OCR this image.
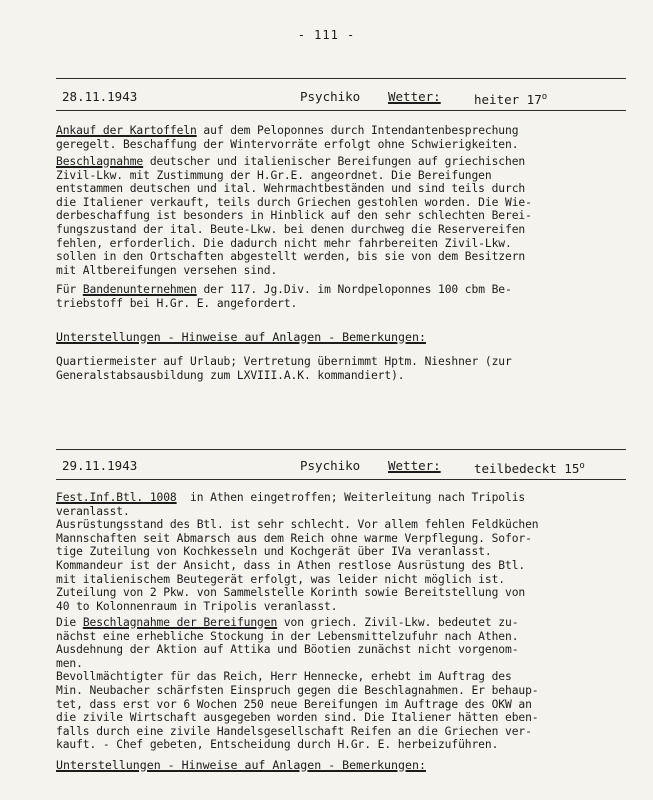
- 111 -
28.11.1943	Psychiko Wetter:	heiter 17$^o$
Ankauf der Kartoffeln auf dem Peloponnes durch Intendantenbesprechung
geregelt. Beschaffung der Wintervorräte erfolgt ohne Schwierigkeiten.
Beschlagnahme deutscher und italienischer Bereifungen auf griechischen
Zivil-Lkw. mit Zustimmung der H.Gr.E. angeordnet. Die Bereifungen
entstammen deutschen und ital. Wehrmachtbeständen und sind teils durch
die Italiener verkauft, teils durch Griechen gestohlen worden. Die Wie-
derbeschaffung ist besonders in Hinblick auf den sehr schlechten Berei-
fungszustand der ital. Beute-Lkw. bei denen durchweg die Reservereifen
fehlen, erforderlich. Die dadurch nicht mehr fahrbereiten Zivil-Lkw.
sollen in den Ortschaften abgestellt werden, bis sie von dem Besitzern
mit Altbereifungen versehen sind.
Für Bandenunternehmen der 117. Jg.Div. im Nordpeloponnes 100 cbm Be-
triebstoff bei H.Gr. E. angefordert.
Unterstellungen - Hinweise auf Anlagen - Bemerkungen:
Quartiermeister auf Urlaub; Vertretung übernimmt Hptm. Nieshner (zur
Generalstabsausbildung zum LXVIII.A.K. kommandiert).
29.11.1943	Psychiko Wetter:	teilbedeckt 15$^o$
Fest.Inf.Btl. 1008  in Athen eingetroffen; Weiterleitung nach Tripolis
veranlasst.
Ausrüstungsstand des Btl. ist sehr schlecht. Vor allem fehlen Feldküchen
Mannschaften seit Abmarsch aus dem Reich ohne warme Verpflegung. Sofor-
tige Zuteilung von Kochkesseln und Kochgerät über IVa veranlasst.
Kommandeur ist der Ansicht, dass in Athen restlose Ausrüstung des Btl.
mit italienischem Beutegerät erfolgt, was leider nicht möglich ist.
Zuteilung von 2 Pkw. von Sammelstelle Korinth sowie Bereitstellung von
40 to Kolonnenraum in Tripolis veranlasst.
Die Beschlagnahme der Bereifungen von griech. Zivil-Lkw. bedeutet zu-
nächst eine erhebliche Stockung in der Lebensmittelzufuhr nach Athen.
Ausdehnung der Aktion auf Attika und Böotien zunächst nicht vorgenom-
men.
Bevollmächtigter für das Reich, Herr Hennecke, erhebt im Auftrag des
Min. Neubacher schärfsten Einspruch gegen die Beschlagnahmen. Er behaup-
tet, dass erst vor 6 Wochen 250 neue Bereifungen im Auftrage des OKW an
die zivile Wirtschaft ausgegeben worden sind. Die Italiener hätten eben-
falls durch eine zivile Handelsgesellschaft Reifen an die Griechen ver-
kauft. - Chef gebeten, Entscheidung durch H.Gr. E. herbeizuführen.
Unterstellungen - Hinweise auf Anlagen - Bemerkungen:
